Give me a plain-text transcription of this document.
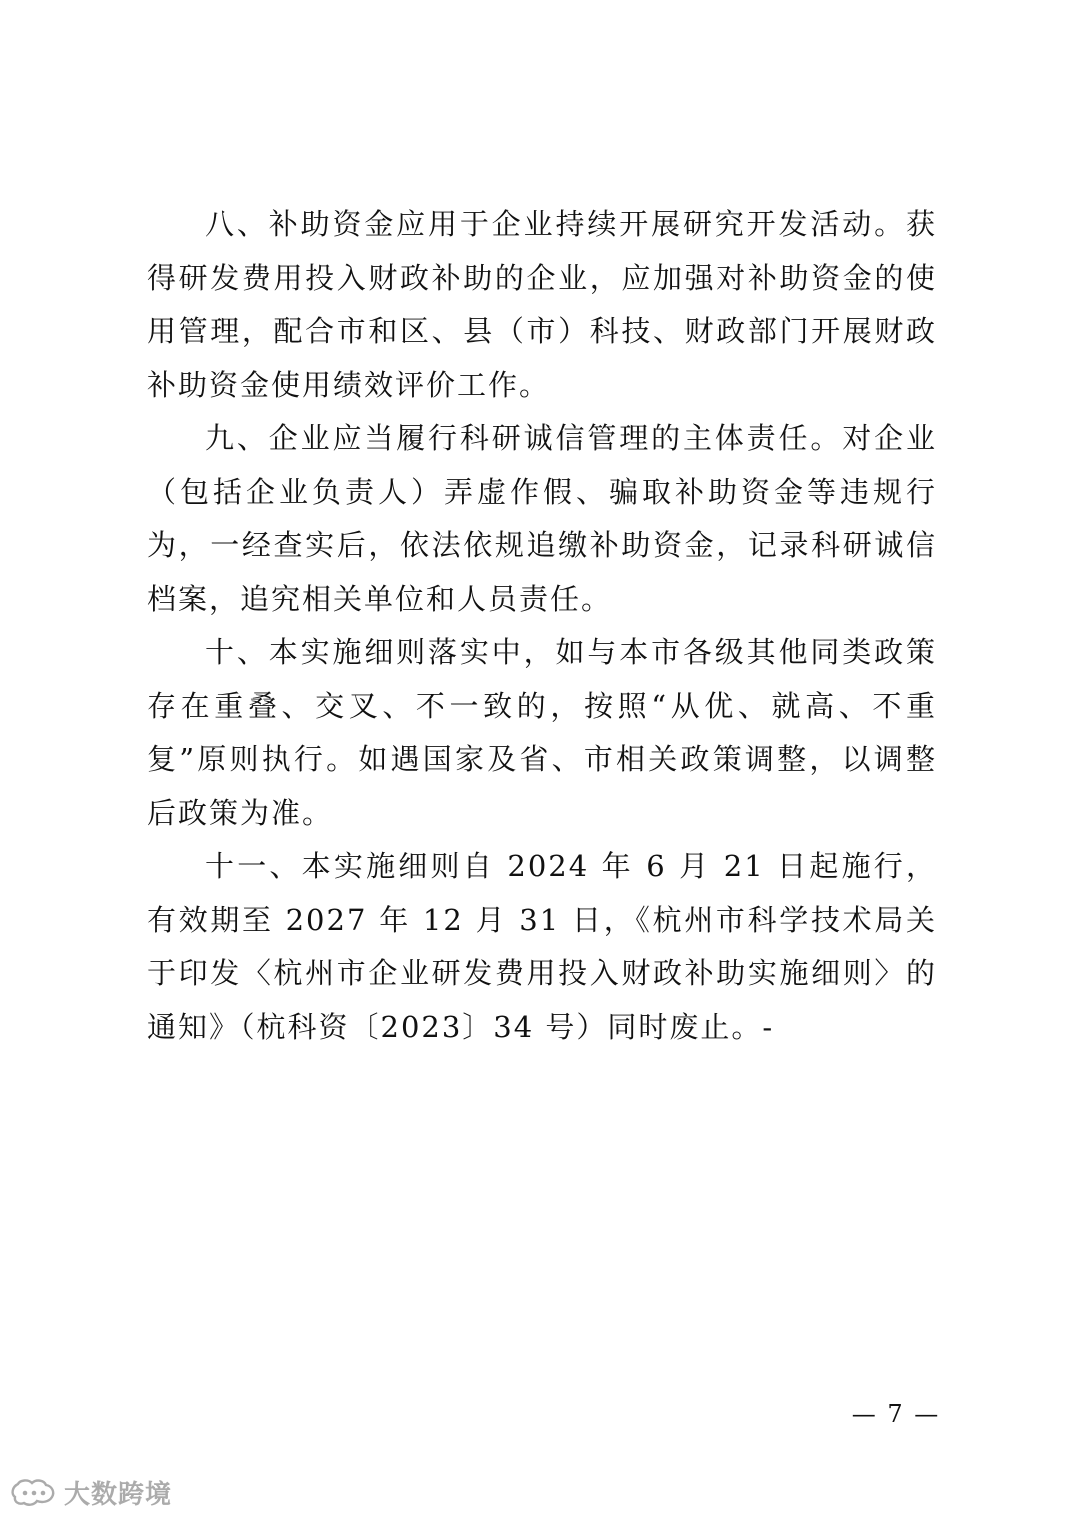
八、补助资金应用于企业持续开展研究开发活动。获得研发费用投入财政补助的企业，应加强对补助资金的使用管理，配合市和区、县（市）科技、财政部门开展财政补助资金使用绩效评价工作。

九、企业应当履行科研诚信管理的主体责任。对企业（包括企业负责人）弄虚作假、骗取补助资金等违规行为，一经查实后，依法依规追缴补助资金，记录科研诚信档案，追究相关单位和人员责任。

十、本实施细则落实中，如与本市各级其他同类政策存在重叠、交叉、不一致的，按照“从优、就高、不重复”原则执行。如遇国家及省、市相关政策调整，以调整后政策为准。

十一、本实施细则自 2024 年 6 月 21 日起施行，有效期至 2027 年 12 月 31 日，《杭州市科学技术局关于印发〈杭州市企业研发费用投入财政补助实施细则〉的通知》（杭科资〔2023〕34 号）同时废止。-

— 7 —
大数跨境
